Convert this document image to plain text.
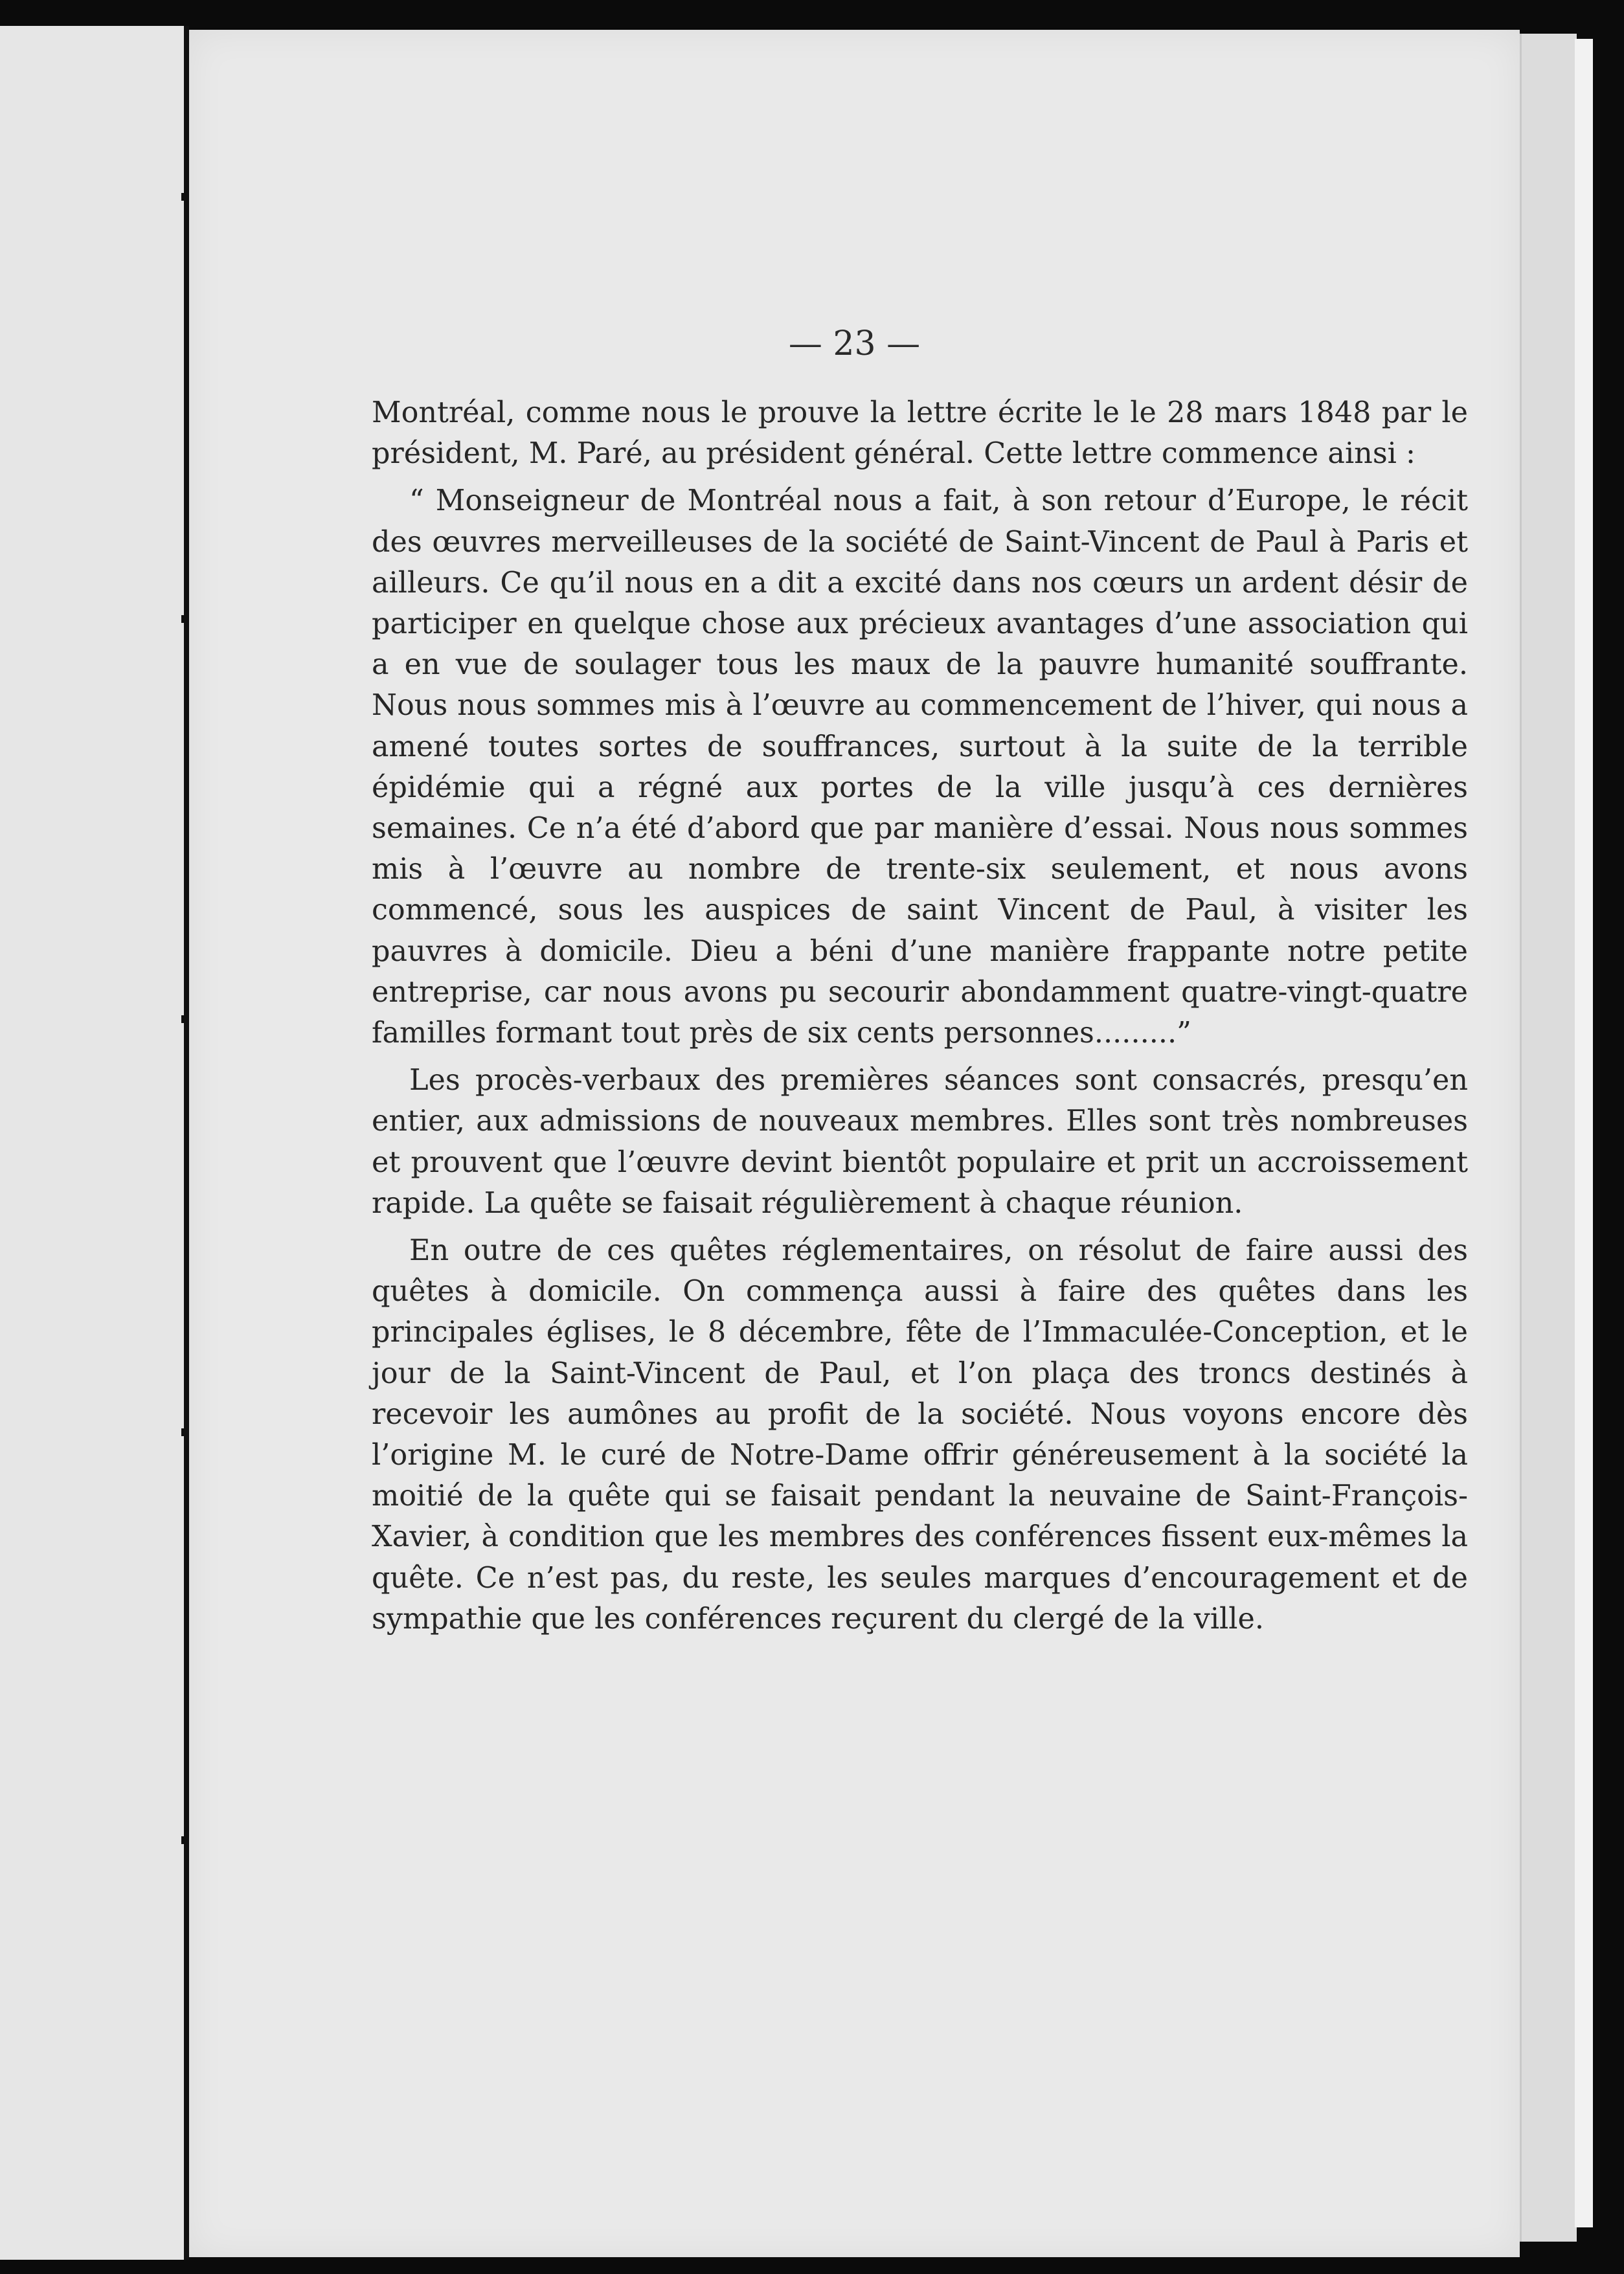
— 23 —

Montréal, comme nous le prouve la lettre écrite le le 28 mars 1848 par le président, M. Paré, au président général. Cette lettre commence ainsi :

“ Monseigneur de Montréal nous a fait, à son retour d’Europe, le récit des œuvres merveilleuses de la société de Saint-Vincent de Paul à Paris et ailleurs. Ce qu’il nous en a dit a excité dans nos cœurs un ardent désir de participer en quelque chose aux précieux avantages d’une association qui a en vue de soulager tous les maux de la pauvre humanité souffrante. Nous nous sommes mis à l’œuvre au commencement de l’hiver, qui nous a amené toutes sortes de souffrances, surtout à la suite de la terrible épidémie qui a régné aux portes de la ville jusqu’à ces dernières semaines. Ce n’a été d’abord que par manière d’essai. Nous nous sommes mis à l’œuvre au nombre de trente-six seulement, et nous avons commencé, sous les auspices de saint Vincent de Paul, à visiter les pauvres à domicile. Dieu a béni d’une manière frappante notre petite entreprise, car nous avons pu secourir abondamment quatre-vingt-quatre familles formant tout près de six cents personnes.........”

Les procès-verbaux des premières séances sont consacrés, presqu’en entier, aux admissions de nouveaux membres. Elles sont très nombreuses et prouvent que l’œuvre devint bientôt populaire et prit un accroissement rapide. La quête se faisait régulièrement à chaque réunion.

En outre de ces quêtes réglementaires, on résolut de faire aussi des quêtes à domicile. On commença aussi à faire des quêtes dans les principales églises, le 8 décembre, fête de l’Immaculée-Conception, et le jour de la Saint-Vincent de Paul, et l’on plaça des troncs destinés à recevoir les aumônes au profit de la société. Nous voyons encore dès l’origine M. le curé de Notre-Dame offrir généreusement à la société la moitié de la quête qui se faisait pendant la neuvaine de Saint-François-Xavier, à condition que les membres des conférences fissent eux-mêmes la quête. Ce n’est pas, du reste, les seules marques d’encouragement et de sympathie que les conférences reçurent du clergé de la ville.
